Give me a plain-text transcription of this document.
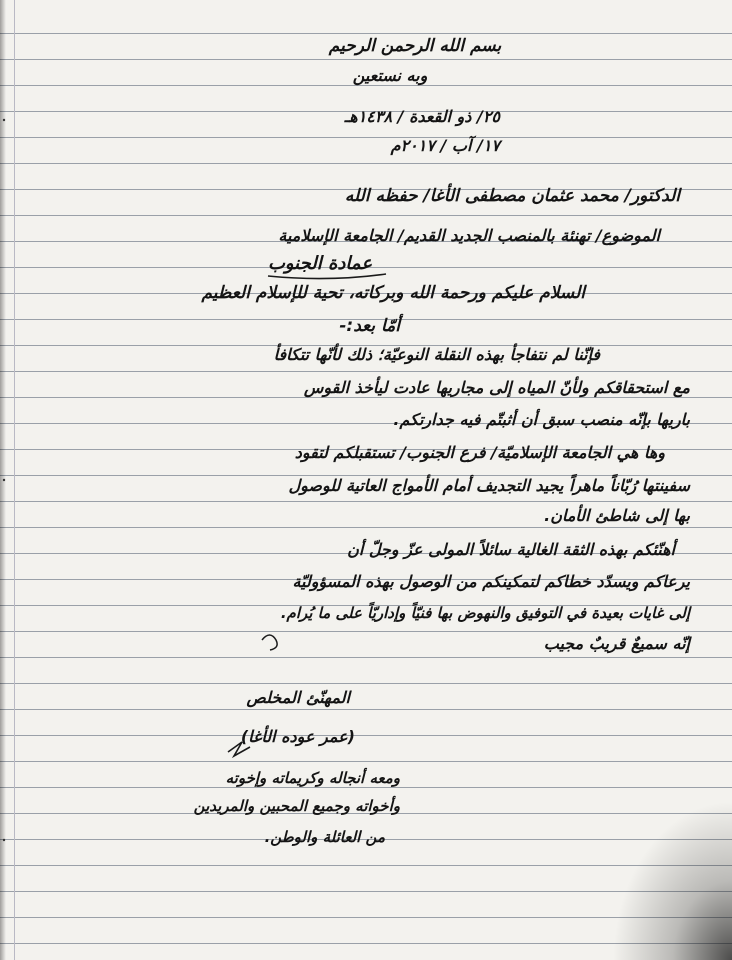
بسم الله الرحمن الرحيم
وبه نستعين
٢٥/ ذو القعدة / ١٤٣٨هـ
١٧/ آب / ٢٠١٧م
الدكتور/ محمد عثمان مصطفى الأغا/ حفظه الله
الموضوع/ تهنئة بالمنصب الجديد القديم/ الجامعة الإسلامية
عمادة الجنوب
السلام عليكم ورحمة الله وبركاته، تحية للإسلام العظيم
أمّا بعد:-
فإنّنا لم نتفاجأ بهذه النقلة النوعيّة؛ ذلك لأنّها تتكافأ
مع استحقاقكم ولأنّ المياه إلى مجاريها عادت ليأخذ القوس
باريها بإنّه منصب سبق أن أثبتّم فيه جدارتكم.
وها هي الجامعة الإسلاميّة/ فرع الجنوب/ تستقبلكم لتقود
سفينتها رُبّاناً ماهراً يجيد التجديف أمام الأمواج العاتية للوصول
بها إلى شاطئ الأمان.
أهنّئكم بهذه الثقة الغالية سائلاً المولى عزّ وجلّ أن
يرعاكم ويسدّد خطاكم لتمكينكم من الوصول بهذه المسؤوليّة
إلى غايات بعيدة في التوفيق والنهوض بها فنيّاً وإداريّاً على ما يُرام.
إنّه سميعٌ قريبٌ مجيب
المهنّئ المخلص
(عمر عوده الأغا)
ومعه أنجاله وكريماته وإخوته
وأخواته وجميع المحبين والمريدين
من العائلة والوطن.
